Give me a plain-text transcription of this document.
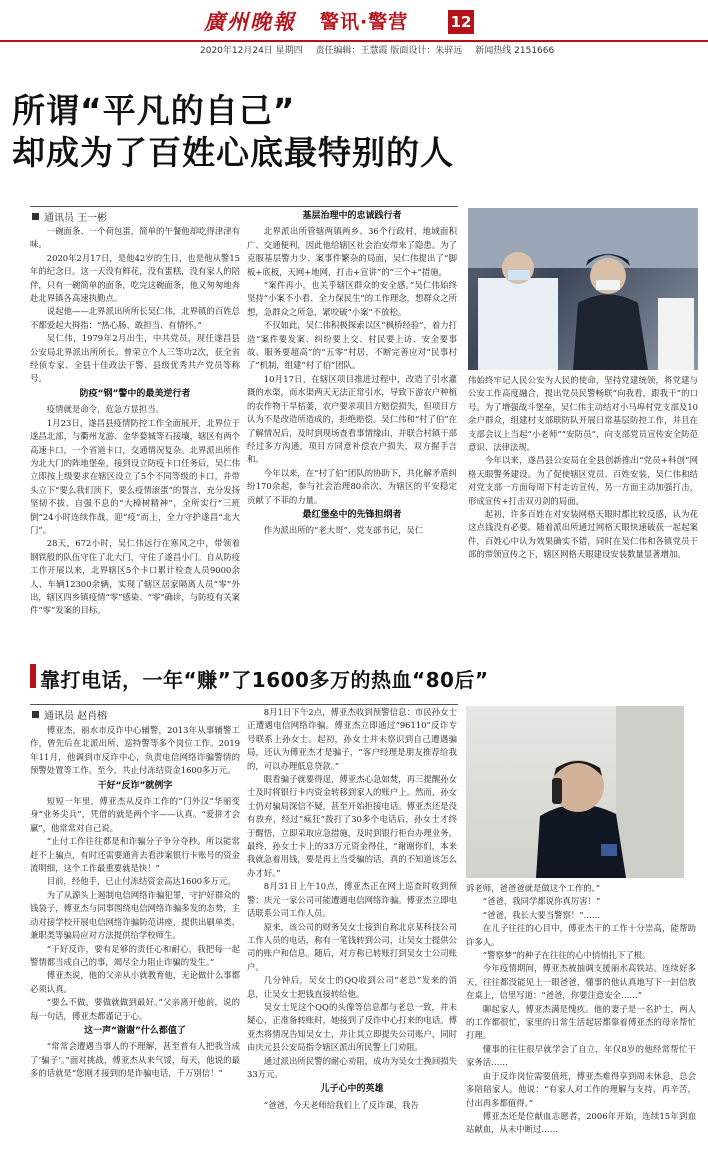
廣州晚報 警讯·警营	12
2020年12月24日 星期四 责任编辑：王慧霞 版面设计：朱骍远 新闻热线 2151666
所谓“平凡的自己”
却成为了百姓心底最特别的人
通讯员 王一彬

一碗面条、一个荷包蛋，简单的午餐他却吃得津津有味。

2020年2月17日，是他42岁的生日，也是他从警15年的纪念日。这一天没有鲜花，没有蛋糕，没有家人的陪伴，只有一碗简单的面条，吃完这碗面条，他又匆匆地奔赴北界镇各高速执勤点。

说起他——北界派出所所长吴仁伟，北界镇的百姓总不都爱起大拇指：“热心肠、敢担当、有情怀。”

吴仁伟，1979年2月出生，中共党员，现任遂昌县公安局北界派出所所长。曾荣立个人三等功2次，获全省经侦专家、全县十佳政法干警、县级优秀共产党员等称号。

防疫“钢”警中的最美逆行者

疫情就是命令，危急方显担当。

1月23日，遂昌县疫情防控工作全面展开，北界位于遂昌北部，与衢州龙游、金华婺城等石接壤，辖区有两个高速卡口，一个省道卡口，交通情况复杂。北界派出所作为北大门的阵地堡垒，接到设立防疫卡口任务后，吴仁伟立即按上级要求在辖区设立了5个不同等级的卡口，并带头立下“要么我们顶下，要么疫情滚蛋”的誓言，充分发扬坚韧不拔、自强不息的“大樟树精神”，全所实行“三班倒”24小时连续作战，迎“疫”而上，全力守护遂昌“北大门”。

28天，672小时，吴仁伟远行在寒风之中，带领着钢铁般的队伍守住了北大门，守住了遂昌小门。自从防疫工作开展以来，北界辖区5个卡口累计检查人员9000余人、车辆12300余辆，实现了辖区居家隔离人员“零”外出，辖区四乡镇疫情“零”感染、“零”确诊，与防疫有关案件“零”发案的目标。

基层治理中的忠诚践行者

北界派出所管辖两镇两乡、36个行政村，地域面积广、交通便利，因此他给辖区社会治安带来了隐患。为了克服基层警力少、案事件繁杂的局面，吴仁伟提出了“脚板+底板，天网+地网，打击+宣讲”的“三个+”措施。

“案件再小，也关乎辖区群众的安全感。”吴仁伟始终坚持“小案不小看、全力保民生”的工作理念，想群众之所想，急群众之所急，紧咬破“小案”不放松。

不仅如此，吴仁伟积极探索以区“枫桥经验”，着力打造“案件要发案、纠纷要上交、村民要上访、安全要事故、服务要超高”的“五零”村居，不断完善应对“民事村了”机制，组建“村了伯”团队。

10月17日，在辖区项目推进过程中，改造了引水灌溉的水渠，而水渠两天无法正常引水，导致下游农户种植的农作物干旱枯萎，农户要求项目方赔偿损失，但项目方认为不是改造所造成的，拒绝赔偿。吴仁伟和“村了伯”在了解情况后，及时到现场查看事情缘由，并联合村镇干部经过多方沟通，项目方同意补偿农户损失，双方握手言和。

今年以来，在“村了伯”团队的协助下，共化解矛盾纠纷170余起，参与社会治理80余次，为辖区的平安稳定贡献了不菲的力量。

最红堡垒中的先锋担纲者

作为派出所的“老大哥”、党支部书记，吴仁

伟始终牢记人民公安为人民的使命，坚持党建统领，将党建与公安工作高度融合，提出党员民警畅联“向我看，跟我干”的口号。为了增强战斗堡垒，吴仁伟主动结对小马埠村党支部及10余户群众，组建村支部联防队开展日常基层防控工作，并且在支部会议上当起“小老师”“安防员”，向支部党员宣传安全防范意识、法律法规。

今年以来，遂昌县公安局在全县创新推出“党员+科创”网格天眼警务建设。为了促使辖区党员、百姓安装，吴仁伟和结对党支部一方面每周下村走访宣传，另一方面主动加强打击，形成宣传+打击双刃剑的局面。

起初，许多百姓在对安装网格天眼时都比较反感，认为花这点钱没有必要。随着派出所通过网格天眼快速破获一起起案件，百姓心中认为效果确实不错，同时在吴仁伟和各镇党员干部的带领宣传之下，辖区网格天眼建设安装数量显著增加。

靠打电话，一年“赚”了1600多万的热血“80后”
通讯员 赵肖榕

傅亚杰，丽水市反诈中心辅警，2013年从事辅警工作，曾先后在北派出所、巡特警等多个岗位工作。2019年11月，他调到市反诈中心，负责电信网络诈骗警情的预警处置等工作。至今，共止付冻结资金1600多万元。

干好“反诈”就例字

短短一年里，傅亚杰从反诈工作的“门外汉”华丽变身“业务尖兵”，凭借的就是两个字——认真。“爱拼才会赢”，他常常对自己说。

“止付工作往往都是和诈骗分子争分夺秒。所以能常赶不上骗点，有时还需要通宵去看涉案银行卡账号的资金流明细，这个工作最重要就是快！”

目前，经他手，已止付冻结资金高达1600多万元。

为了从源头上遏制电信网络诈骗犯罪，守护好群众的钱袋子，傅亚杰与同事围绕电信网络诈骗多发的态势，主动对接学校开展电信网络诈骗防范讲座，提供出刷单类、兼职类等骗局应对方法提供给学校师生。

“干好反诈，要有足够的责任心和耐心，我把每一起警情都当成自己的事，竭尽全力阻止诈骗的发生。”

傅亚杰说，他的父亲从小就教育他，无论做什么事都必须认真。

“要么不做，要做就做到最好。”父亲离开他前，说的每一句话，傅亚杰都谨记于心。

这一声“谢谢”什么都值了

“常常会遭遇当事人的不理解，甚至普有人把我当成了‘骗子’。”面对挑战，傅亚杰从来气馁，每天，他说的最多的话就是“您刚才接到的是诈骗电话，千万别信！”

8月1日下午2点，傅亚杰收到预警信息：市民孙女士正遭遇电信网络诈骗。傅亚杰立即通过“96110”反诈专号联系上孙女士。起初，孙女士并未察识到自己遭遇骗局，还认为傅亚杰才是骗子，“客户经理是朋友推荐给我的，可以办理低息贷款。”

眼看骗子就要得逞，傅亚杰心急如焚，再三提醒孙女士及时将银行卡内资金转移到家人的账户上。然而，孙女士仍对骗局深信不疑，甚至开始拒接电话。傅亚杰还是没有放弃，经过“疯狂”拨打了30多个电话后，孙女士才终于醒悟，立即采取应急措施，及时到银行柜台办理业务。最终，孙女士卡上的33万元资金得住，“谢谢你们，本来我就急着用钱，要是再上当受骗的话，真的不知道该怎么办才好。”

8月31日上午10点，傅亚杰正在网上巡查时收到预警：庆元一家公司可能遭遇电信网络诈骗。傅亚杰立即电话联系公司工作人员。

原来，该公司的财务吴女士接到自称北京某科技公司工作人员的电话，称有一笔钱转到公司，让吴女士提供公司的账户和信息。随后，对方称已转账打到吴女士公司账户。

几分钟后，吴女士的QQ收到公司“老总”发来的消息，让吴女士把钱直接转给他。

吴女士见这个QQ的头像等信息都与老总一致，并未疑心，正准备转账时，她接到了反诈中心打来的电话。傅亚杰将情况告知吴女士，并让其立即提失公司账户，同时由庆元县公安局指令辖区派出所民警上门劝阻。

通过派出所民警的耐心劝阻，成功为吴女士挽回损失33万元。

儿子心中的英雄

“爸爸，今天老师给我们上了反诈课，我告

诉老师，爸爸爸就是做这个工作的。”

“爸爸，我同学都说你真厉害！”

“爸爸，我长大要当警察！”……

在儿子往往的心目中，傅亚杰干的工作十分崇高，能帮助许多人。

“警察梦”的种子在往往的心中悄悄扎下了根。

今年疫情期间，傅亚杰被抽调支援丽水高铁站。连续好多天，往往都没能见上一眼爸爸，懂事的他认真地写下一封信放在桌上，信里写道：“爸爸，你要注意安全……”

聊起家人，傅亚杰满是愧疚。他的妻子是一名护士，两人的工作都很忙，家里的日常生活起居都靠着傅亚杰的母亲帮忙打理。

懂事的往往很早就学会了自立，年仅8岁的他经常帮忙干家务活……

由于反诈岗位需要值班，傅亚杰难得享到周末休息，总会多陪陪家人。他说：“有家人对工作的理解与支持，再辛苦，付出再多都值得。”

傅亚杰还是位献血志愿者，2006年开始，连续15年到血站献血，从未中断过……
